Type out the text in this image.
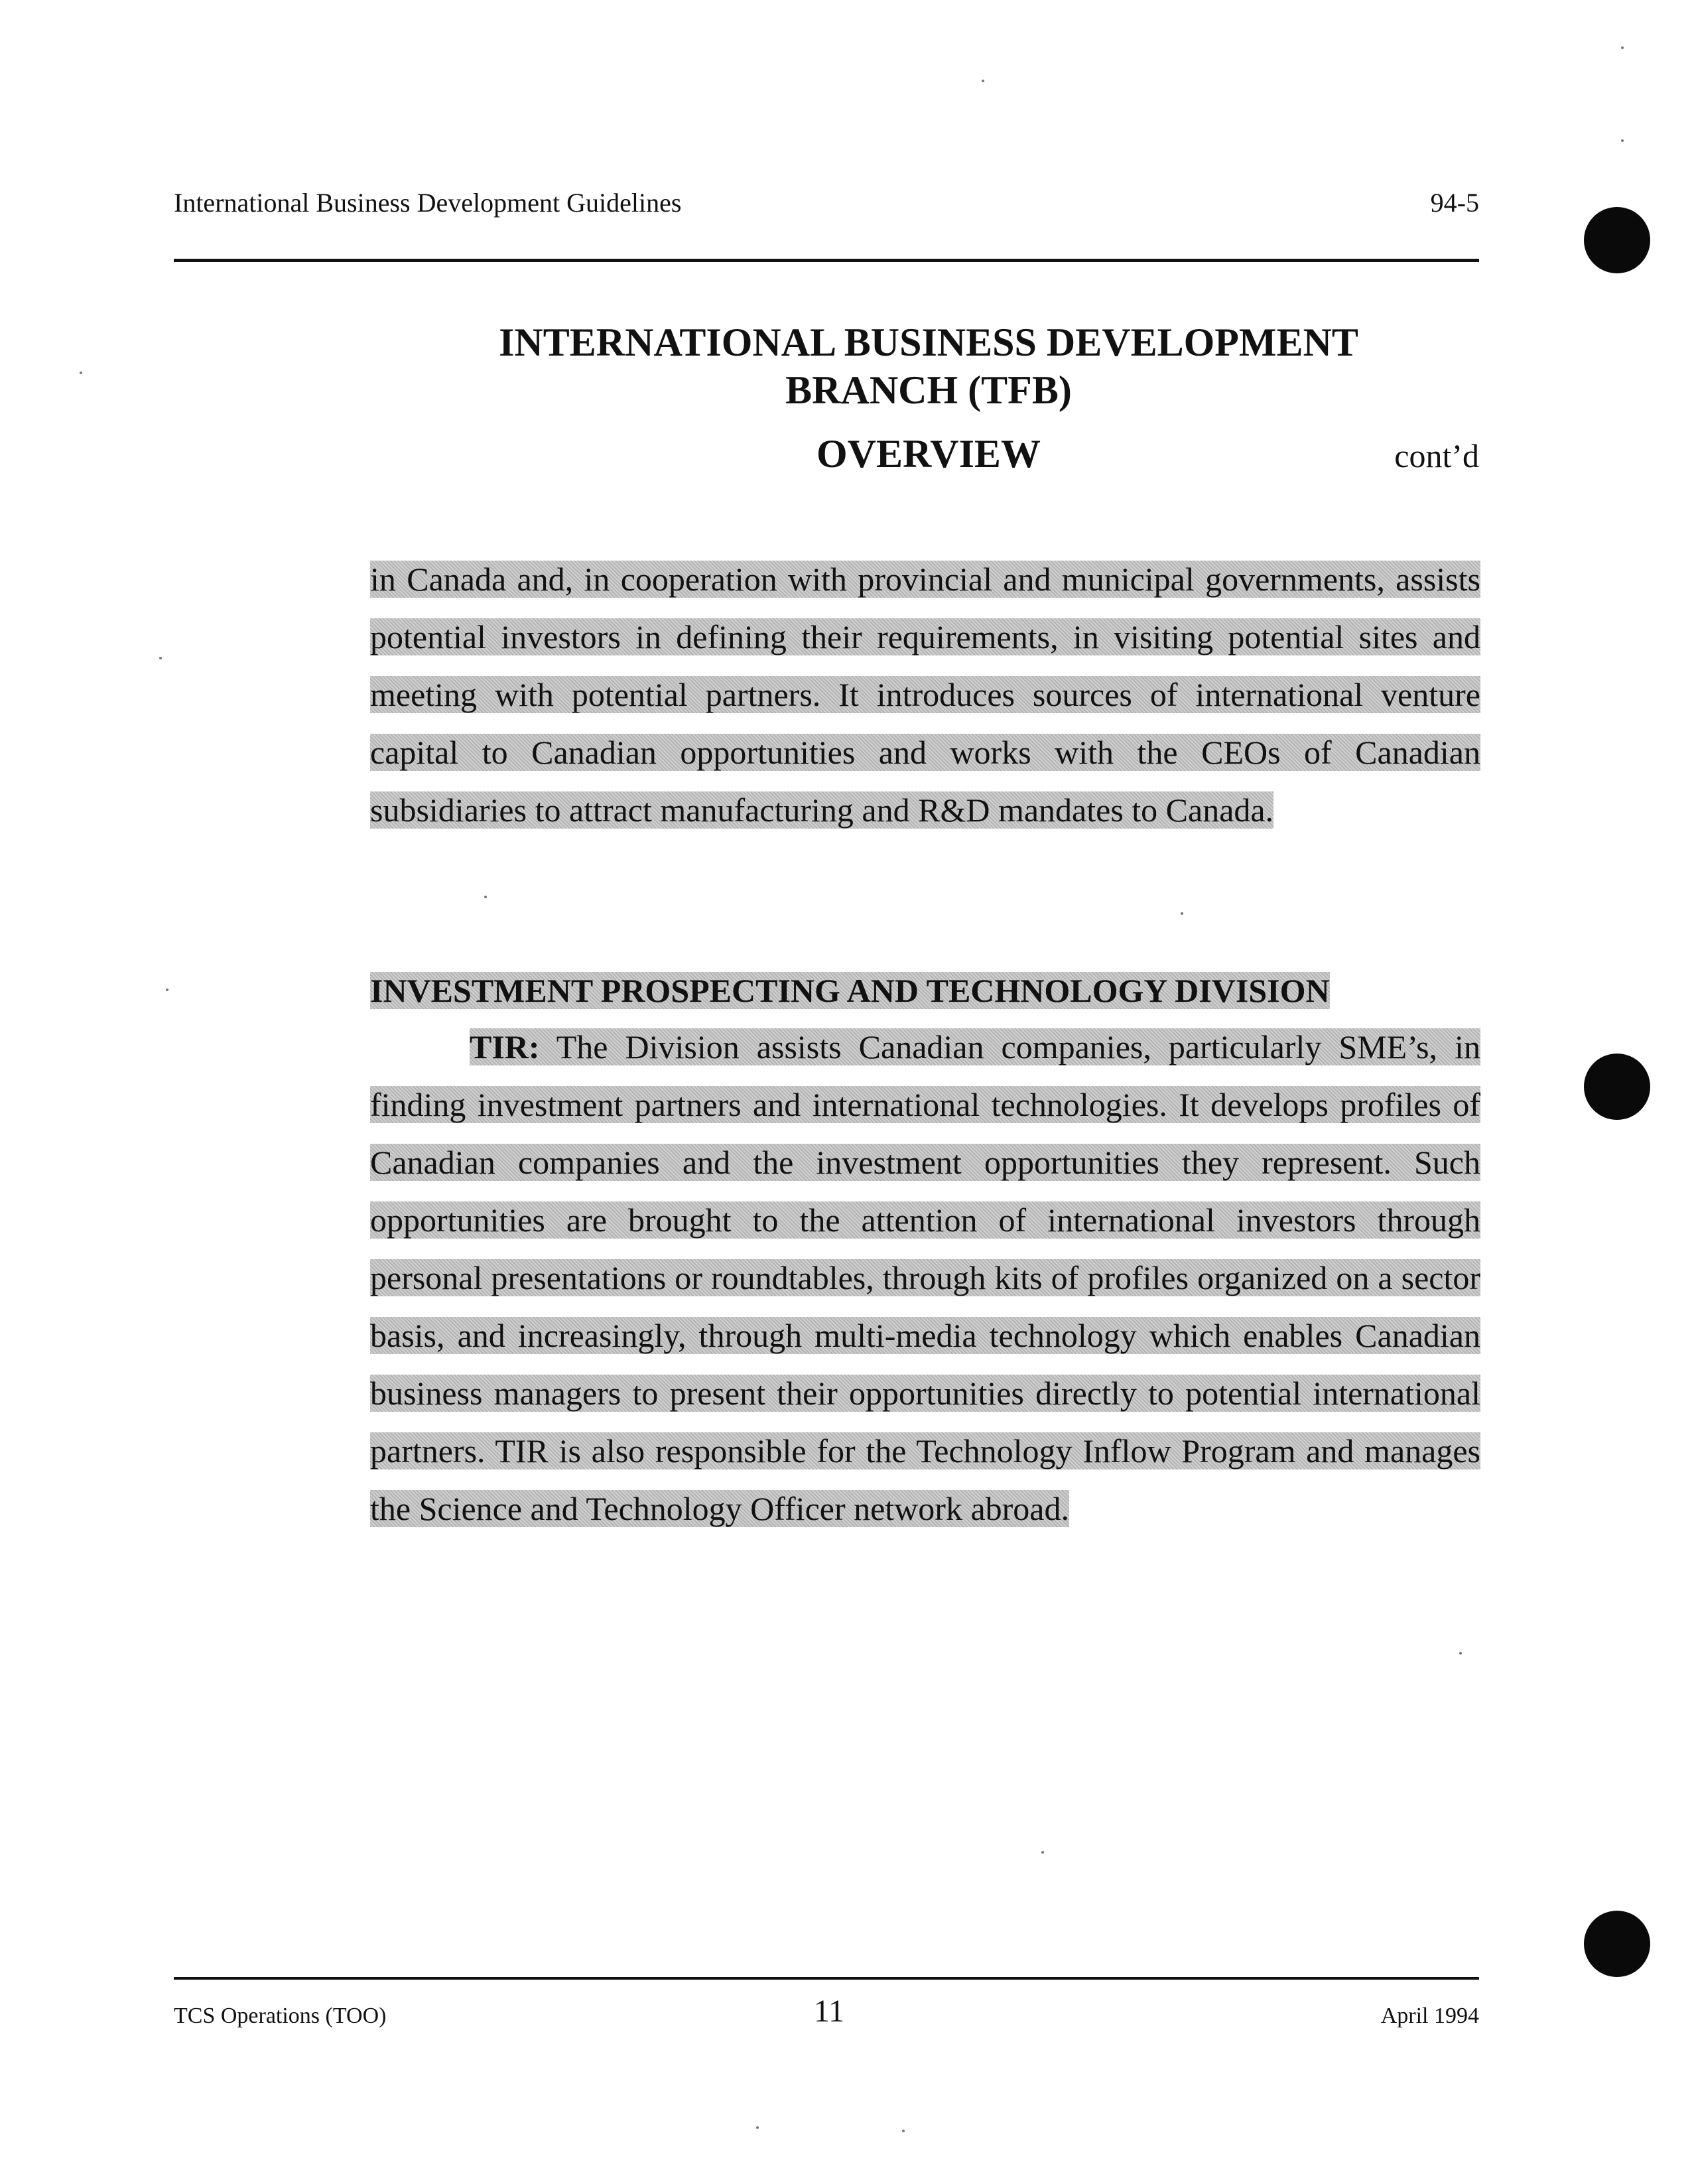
International Business Development Guidelines	94-5
INTERNATIONAL BUSINESS DEVELOPMENT
BRANCH (TFB)
OVERVIEW	cont’d
in Canada and, in cooperation with provincial and municipal governments, assists potential investors in defining their requirements, in visiting potential sites and meeting with potential partners. It introduces sources of international venture capital to Canadian opportunities and works with the CEOs of Canadian subsidiaries to attract manufacturing and R&D mandates to Canada.
INVESTMENT PROSPECTING AND TECHNOLOGY DIVISION
TIR: The Division assists Canadian companies, particularly SME’s, in finding investment partners and international technologies. It develops profiles of Canadian companies and the investment opportunities they represent. Such opportunities are brought to the attention of international investors through personal presentations or roundtables, through kits of profiles organized on a sector basis, and increasingly, through multi-media technology which enables Canadian business managers to present their opportunities directly to potential international partners. TIR is also responsible for the Technology Inflow Program and manages the Science and Technology Officer network abroad.
TCS Operations (TOO)	11	April 1994
